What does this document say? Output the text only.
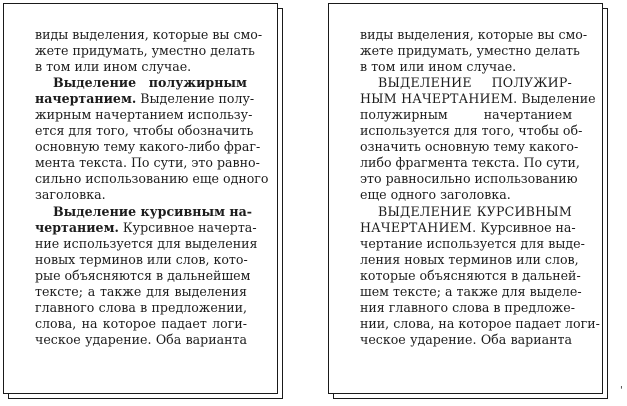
виды выделения, которые вы смо-
жете придумать, уместно делать
в том или ином случае.
Выделение полужирным
начертанием. Выделение полу-
жирным начертанием использу-
ется для того, чтобы обозначить
основную тему какого-либо фраг-
мента текста. По сути, это равно-
сильно использованию еще одного
заголовка.
Выделение курсивным на-
чертанием. Курсивное начерта-
ние используется для выделения
новых терминов или слов, кото-
рые объясняются в дальнейшем
тексте; а также для выделения
главного слова в предложении,
слова, на которое падает логи-
ческое ударение. Оба варианта
виды выделения, которые вы смо-
жете придумать, уместно делать
в том или ином случае.
ВЫДЕЛЕНИЕ ПОЛУЖИР-
НЫМ НАЧЕРТАНИЕМ. Выделение
полужирным начертанием
используется для того, чтобы об-
означить основную тему какого-
либо фрагмента текста. По сути,
это равносильно использованию
еще одного заголовка.
ВЫДЕЛЕНИЕ КУРСИВНЫМ
НАЧЕРТАНИЕМ. Курсивное на-
чертание используется для выде-
ления новых терминов или слов,
которые объясняются в дальней-
шем тексте; а также для выделе-
ния главного слова в предложе-
нии, слова, на которое падает логи-
ческое ударение. Оба варианта
'
